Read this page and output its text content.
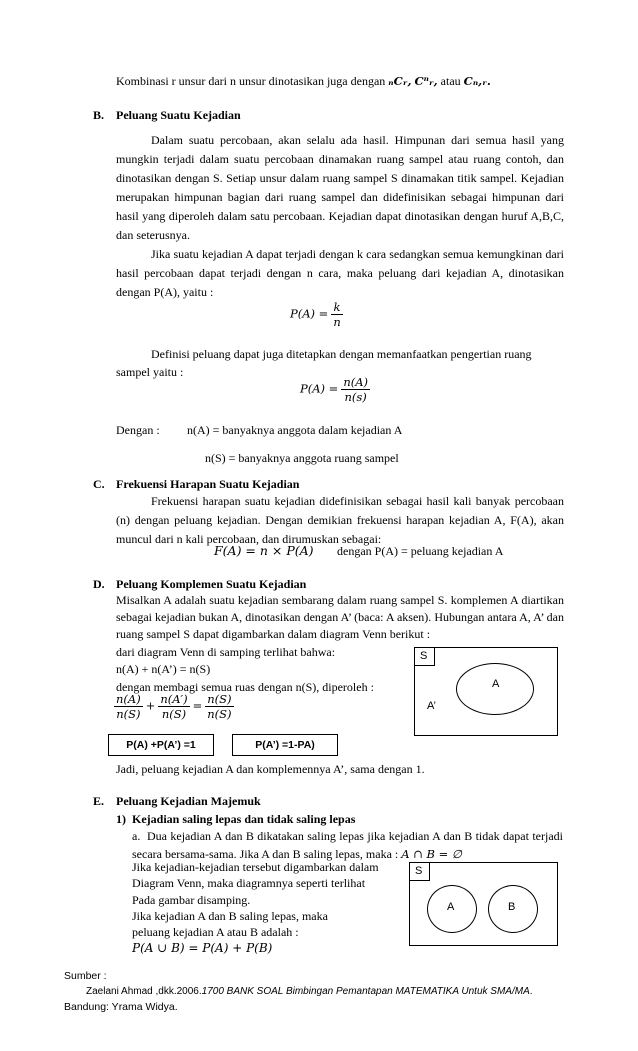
Kombinasi r unsur dari n unsur dinotasikan juga dengan ₙCᵣ, Cⁿᵣ, atau Cₙ,ᵣ.
B. Peluang Suatu Kejadian
Dalam suatu percobaan, akan selalu ada hasil. Himpunan dari semua hasil yang mungkin terjadi dalam suatu percobaan dinamakan ruang sampel atau ruang contoh, dan dinotasikan dengan S. Setiap unsur dalam ruang sampel S dinamakan titik sampel. Kejadian merupakan himpunan bagian dari ruang sampel dan didefinisikan sebagai himpunan dari hasil yang diperoleh dalam satu percobaan. Kejadian dapat dinotasikan dengan huruf A,B,C, dan seterusnya.
Jika suatu kejadian A dapat terjadi dengan k cara sedangkan semua kemungkinan dari hasil percobaan dapat terjadi dengan n cara, maka peluang dari kejadian A, dinotasikan dengan P(A), yaitu :
$P(A) = \frac{k}{n}$
Definisi peluang dapat juga ditetapkan dengan memanfaatkan pengertian ruang
sampel yaitu :
$P(A) = \frac{n(A)}{n(s)}$
Dengan : n(A) = banyaknya anggota dalam kejadian A
n(S) = banyaknya anggota ruang sampel
C. Frekuensi Harapan Suatu Kejadian
Frekuensi harapan suatu kejadian didefinisikan sebagai hasil kali banyak percobaan (n) dengan peluang kejadian. Dengan demikian frekuensi harapan kejadian A, F(A), akan muncul dari n kali percobaan, dan dirumuskan sebagai:
F(A) = n × P(A) dengan P(A) = peluang kejadian A
D. Peluang Komplemen Suatu Kejadian
Misalkan A adalah suatu kejadian sembarang dalam ruang sampel S. komplemen A diartikan sebagai kejadian bukan A, dinotasikan dengan A’ (baca: A aksen). Hubungan antara A, A’ dan ruang sampel S dapat digambarkan dalam diagram Venn berikut :
dari diagram Venn di samping terlihat bahwa:
n(A) + n(A’) = n(S)
dengan membagi semua ruas dengan n(S), diperoleh :
$\frac{n(A)}{n(S)} + \frac{n(A')}{n(S)} = \frac{n(S)}{n(S)}$
P(A) +P(A’) =1	P(A’) =1-PA)
S
A
A’
Jadi, peluang kejadian A dan komplemennya A’, sama dengan 1.
E. Peluang Kejadian Majemuk
1) Kejadian saling lepas dan tidak saling lepas
a. Dua kejadian A dan B dikatakan saling lepas jika kejadian A dan B tidak dapat terjadi secara bersama-sama. Jika A dan B saling lepas, maka : A ∩ B = ∅
Jika kejadian-kejadian tersebut digambarkan dalam
Diagram Venn, maka diagramnya seperti terlihat
Pada gambar disamping.
Jika kejadian A dan B saling lepas, maka
peluang kejadian A atau B adalah :
P(A ∪ B) = P(A) + P(B)
S
A	B
Sumber :
Zaelani Ahmad ,dkk.2006.1700 BANK SOAL Bimbingan Pemantapan MATEMATIKA Untuk SMA/MA.
Bandung: Yrama Widya.
